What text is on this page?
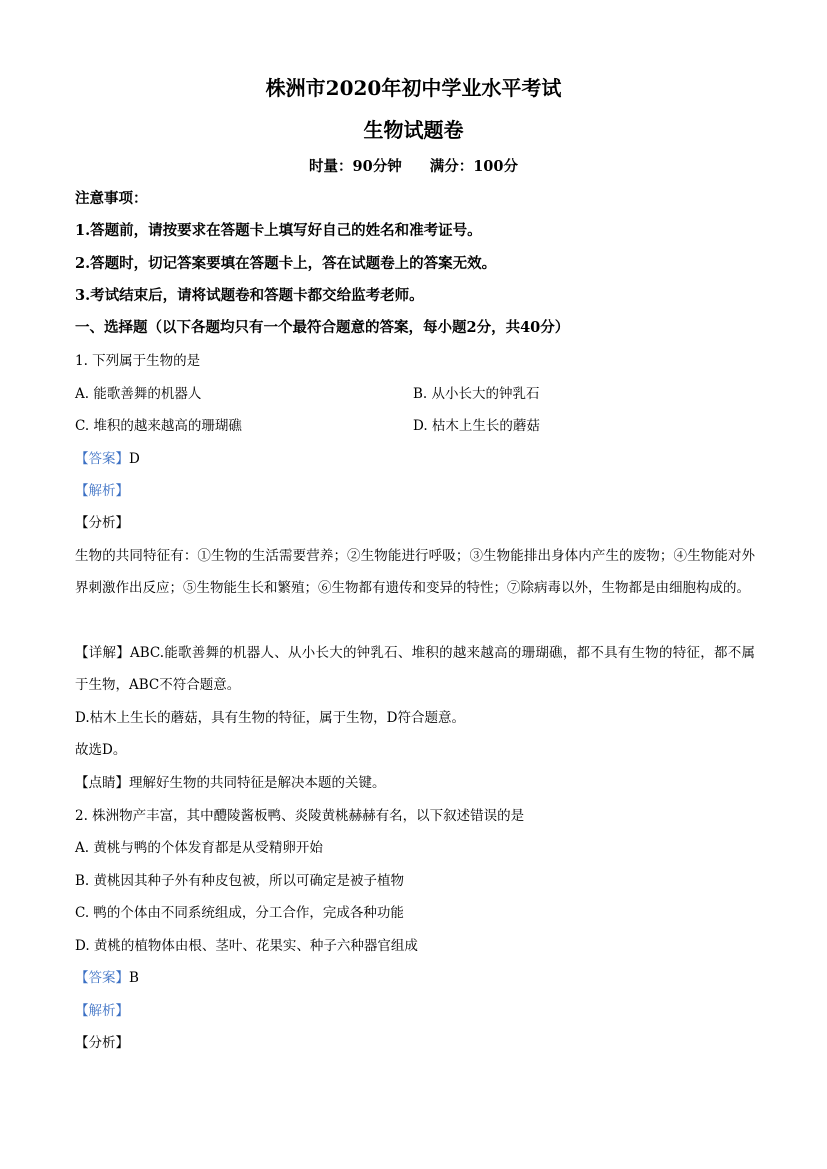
株洲市2020年初中学业水平考试
生物试题卷
时量：90分钟 满分：100分
注意事项：
1.答题前，请按要求在答题卡上填写好自己的姓名和准考证号。
2.答题时，切记答案要填在答题卡上，答在试题卷上的答案无效。
3.考试结束后，请将试题卷和答题卡都交给监考老师。
一、选择题（以下各题均只有一个最符合题意的答案，每小题2分，共40分）
1. 下列属于生物的是
A. 能歌善舞的机器人	B. 从小长大的钟乳石
C. 堆积的越来越高的珊瑚礁	D. 枯木上生长的蘑菇
【答案】D
【解析】
【分析】
生物的共同特征有：①生物的生活需要营养；②生物能进行呼吸；③生物能排出身体内产生的废物；④生物能对外界刺激作出反应；⑤生物能生长和繁殖；⑥生物都有遗传和变异的特性；⑦除病毒以外，生物都是由细胞构成的。
【详解】ABC.能歌善舞的机器人、从小长大的钟乳石、堆积的越来越高的珊瑚礁，都不具有生物的特征，都不属于生物，ABC不符合题意。
D.枯木上生长的蘑菇，具有生物的特征，属于生物，D符合题意。
故选D。
【点睛】理解好生物的共同特征是解决本题的关键。
2. 株洲物产丰富，其中醴陵酱板鸭、炎陵黄桃赫赫有名，以下叙述错误的是
A. 黄桃与鸭的个体发育都是从受精卵开始
B. 黄桃因其种子外有种皮包被，所以可确定是被子植物
C. 鸭的个体由不同系统组成，分工合作，完成各种功能
D. 黄桃的植物体由根、茎叶、花果实、种子六种器官组成
【答案】B
【解析】
【分析】
